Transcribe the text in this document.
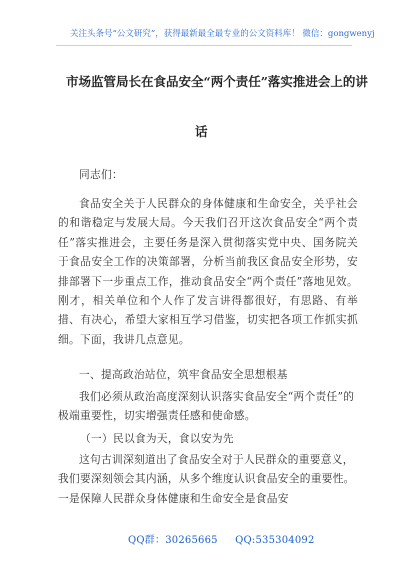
关注头条号“公文研究”，获得最新最全最专业的公文资料库！ 微信：gongwenyj
市场监管局长在食品安全“两个责任”落实推进会上的讲
话
同志们：

食品安全关于人民群众的身体健康和生命安全，关乎社会的和谐稳定与发展大局。今天我们召开这次食品安全“两个责任”落实推进会，主要任务是深入贯彻落实党中央、国务院关于食品安全工作的决策部署，分析当前我区食品安全形势，安排部署下一步重点工作，推动食品安全“两个责任”落地见效。刚才，相关单位和个人作了发言讲得都很好，有思路、有举措、有决心，希望大家相互学习借鉴，切实把各项工作抓实抓细。下面，我讲几点意见。

一、提高政治站位，筑牢食品安全思想根基

我们必须从政治高度深刻认识落实食品安全“两个责任”的极端重要性，切实增强责任感和使命感。

（一）民以食为天，食以安为先

这句古训深刻道出了食品安全对于人民群众的重要意义，我们要深刻领会其内涵，从多个维度认识食品安全的重要性。一是保障人民群众身体健康和生命安全是食品安

QQ群：30265665 QQ:535304092
